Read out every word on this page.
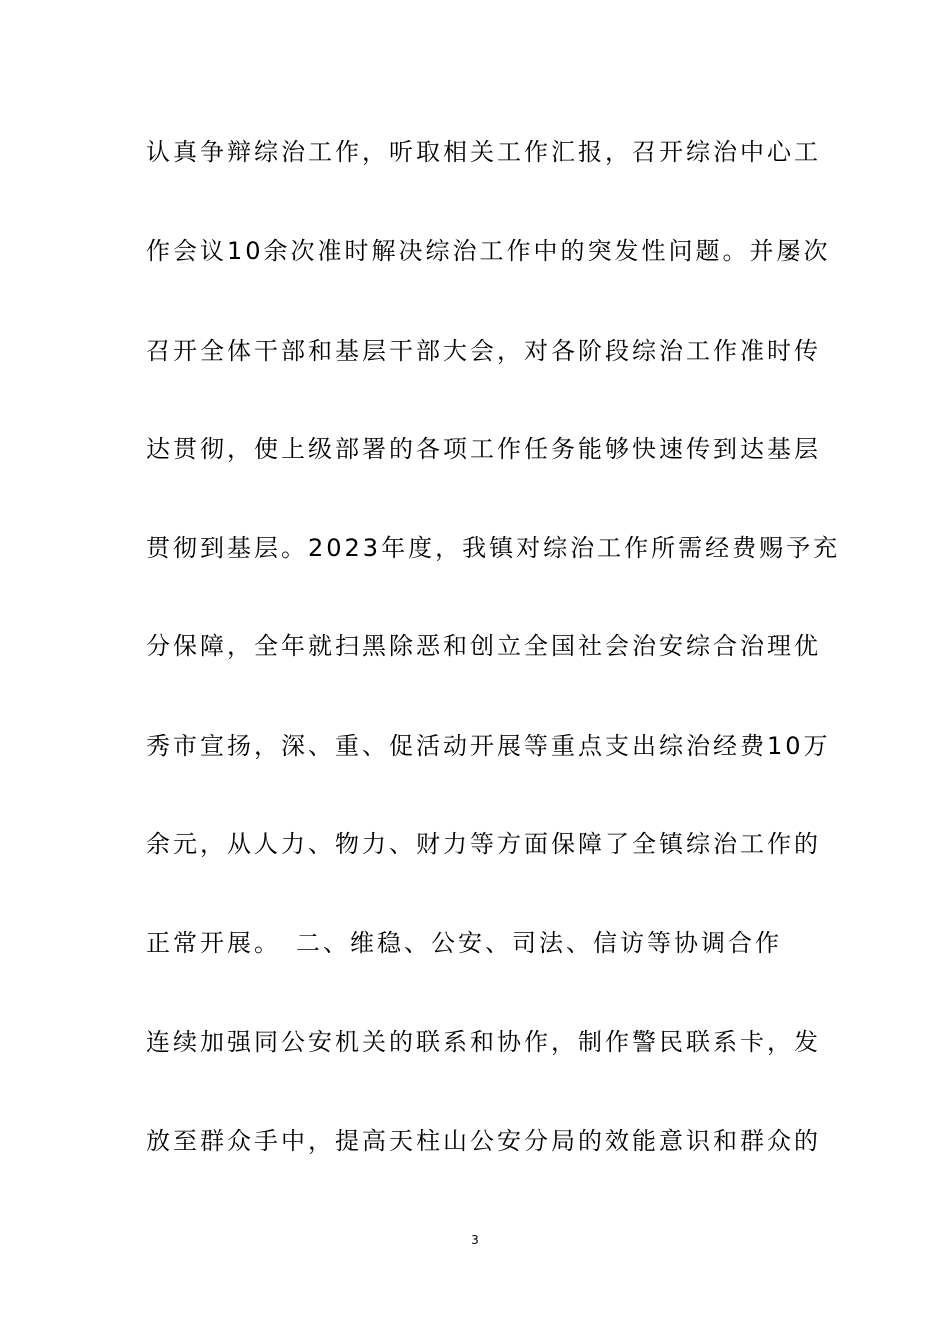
认真争辩综治工作，听取相关工作汇报，召开综治中心工
作会议10余次准时解决综治工作中的突发性问题。并屡次
召开全体干部和基层干部大会，对各阶段综治工作准时传
达贯彻，使上级部署的各项工作任务能够快速传到达基层
贯彻到基层。2023年度，我镇对综治工作所需经费赐予充
分保障，全年就扫黑除恶和创立全国社会治安综合治理优
秀市宣扬，深、重、促活动开展等重点支出综治经费10万
余元，从人力、物力、财力等方面保障了全镇综治工作的
正常开展。　二、维稳、公安、司法、信访等协调合作
连续加强同公安机关的联系和协作，制作警民联系卡，发
放至群众手中，提高天柱山公安分局的效能意识和群众的
3
